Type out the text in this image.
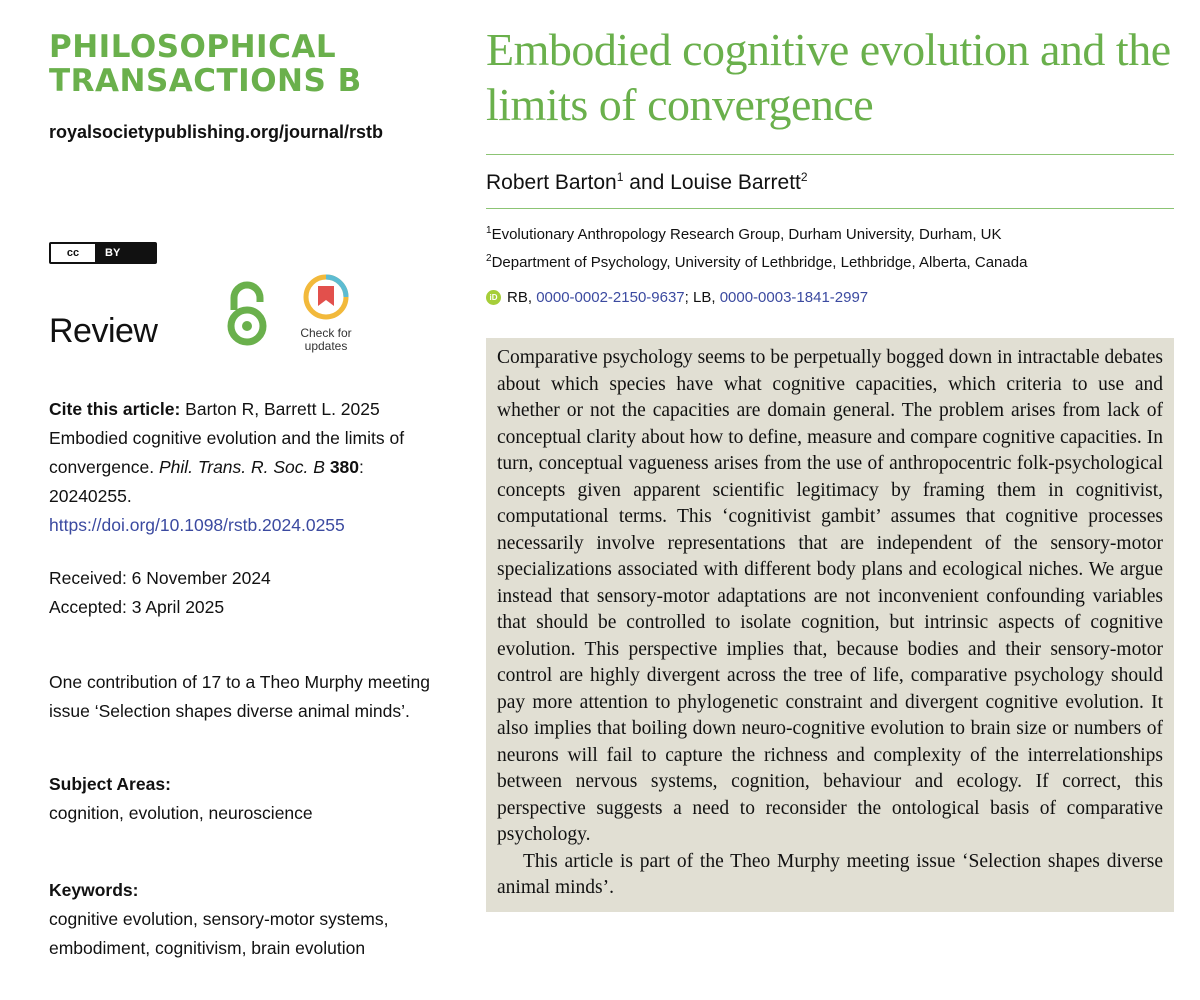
PHILOSOPHICAL
TRANSACTIONS B
royalsocietypublishing.org/journal/rstb
cc	BY
Check for
updates
Review
Cite this article: Barton R, Barrett L. 2025 Embodied cognitive evolution and the limits of convergence. Phil. Trans. R. Soc. B 380: 20240255.
https://doi.org/10.1098/rstb.2024.0255
Received: 6 November 2024
Accepted: 3 April 2025
One contribution of 17 to a Theo Murphy meeting issue ‘Selection shapes diverse animal minds’.
Subject Areas:
cognition, evolution, neuroscience
Keywords:
cognitive evolution, sensory-motor systems, embodiment, cognitivism, brain evolution
Embodied cognitive evolution and the limits of convergence
Robert Barton$^1$ and Louise Barrett$^2$
$^1$Evolutionary Anthropology Research Group, Durham University, Durham, UK
$^2$Department of Psychology, University of Lethbridge, Lethbridge, Alberta, Canada
iD RB,
0000-0002-2150-9637 ; LB,
0000-0003-1841-2997

Comparative psychology seems to be perpetually bogged down in intractable debates about which species have what cognitive capacities, which criteria to use and whether or not the capacities are domain general. The problem arises from lack of conceptual clarity about how to define, measure and compare cognitive capacities. In turn, conceptual vagueness arises from the use of anthropocentric folk-psychological concepts given apparent scientific legitimacy by framing them in cognitivist, computational terms. This ‘cognitivist gambit’ assumes that cognitive processes necessarily involve representations that are independent of the sensory-motor specializations associated with different body plans and ecological niches. We argue instead that sensory-motor adaptations are not inconvenient confounding variables that should be controlled to isolate cognition, but intrinsic aspects of cognitive evolution. This perspective implies that, because bodies and their sensory-motor control are highly divergent across the tree of life, comparative psychology should pay more attention to phylogenetic constraint and divergent cognitive evolution. It also implies that boiling down neuro-cognitive evolution to brain size or numbers of neurons will fail to capture the richness and complexity of the interrelationships between nervous systems, cognition, behaviour and ecology. If correct, this perspective suggests a need to reconsider the ontological basis of comparative psychology.

This article is part of the Theo Murphy meeting issue ‘Selection shapes diverse animal minds’.
